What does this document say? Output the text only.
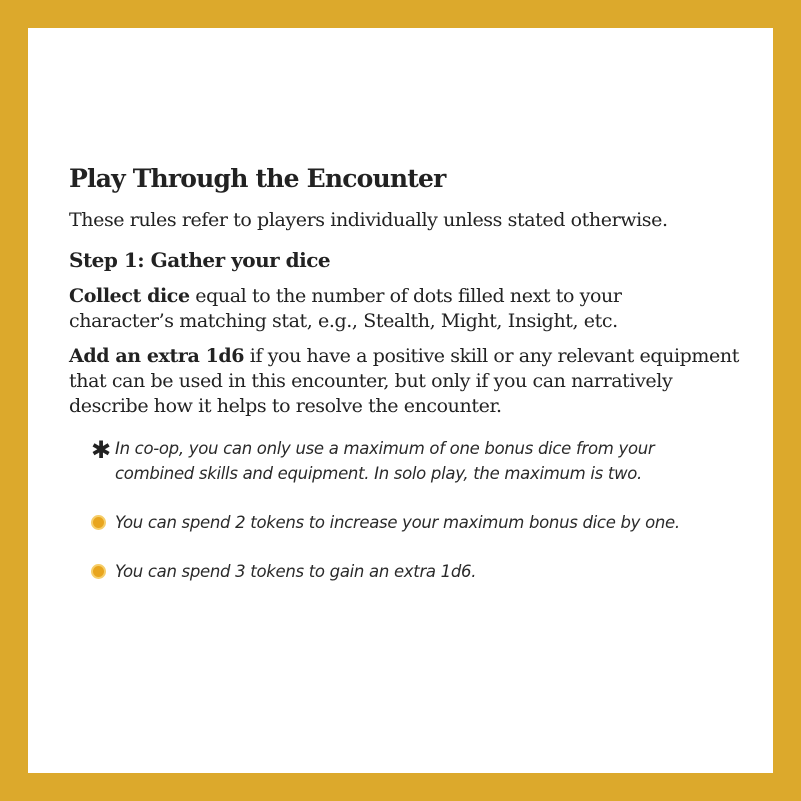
Play Through the Encounter

These rules refer to players individually unless stated otherwise.

Step 1: Gather your dice

Collect dice equal to the number of dots filled next to your character’s matching stat, e.g., Stealth, Might, Insight, etc.

Add an extra 1d6 if you have a positive skill or any relevant equipment that can be used in this encounter, but only if you can narratively describe how it helps to resolve the encounter.

✱ In co-op, you can only use a maximum of one bonus dice from your combined skills and equipment. In solo play, the maximum is two.
You can spend 2 tokens to increase your maximum bonus dice by one.
You can spend 3 tokens to gain an extra 1d6.
